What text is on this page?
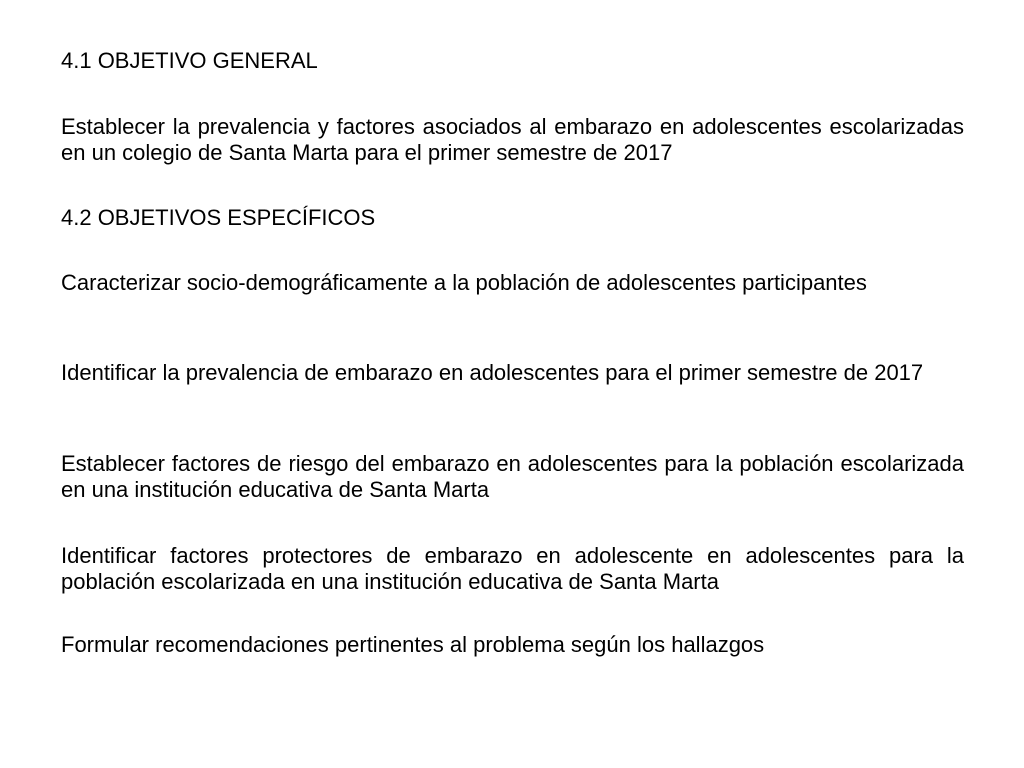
4.1 OBJETIVO GENERAL

Establecer la prevalencia y factores asociados al embarazo en adolescentes escolarizadas en un colegio de Santa Marta para el primer semestre de 2017

4.2 OBJETIVOS ESPECÍFICOS

Caracterizar socio-demográficamente a la población de adolescentes participantes

Identificar la prevalencia de embarazo en adolescentes para el primer semestre de 2017

Establecer factores de riesgo del embarazo en adolescentes para la población escolarizada en una institución educativa de Santa Marta

Identificar factores protectores de embarazo en adolescente en adolescentes para la población escolarizada en una institución educativa de Santa Marta

Formular recomendaciones pertinentes al problema según los hallazgos
